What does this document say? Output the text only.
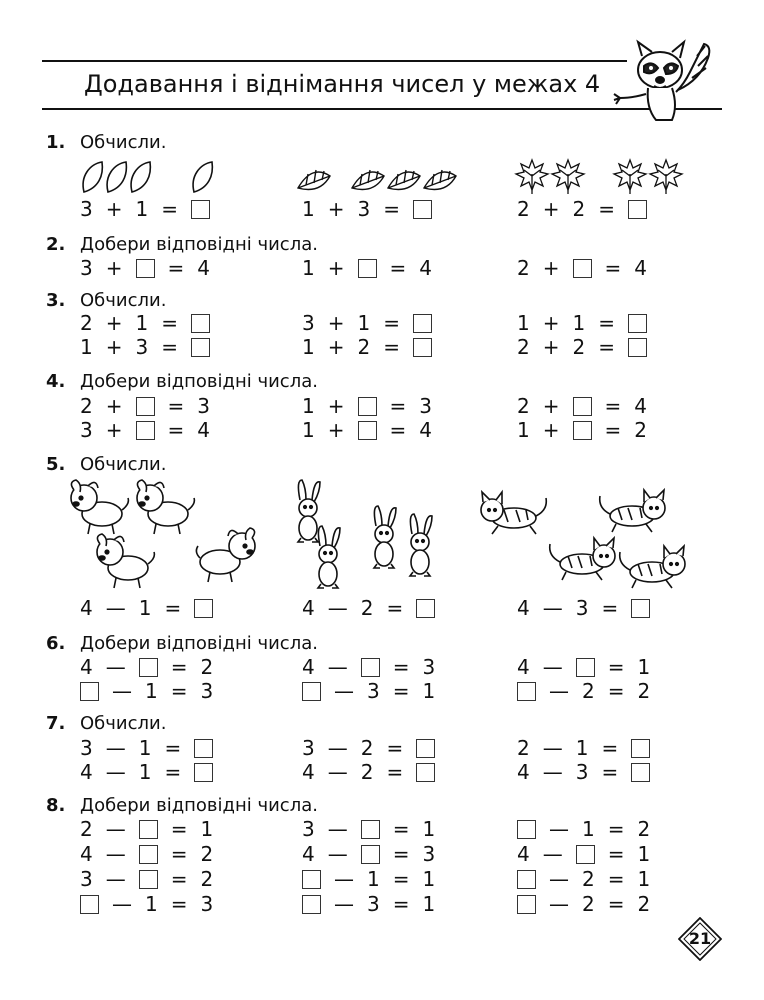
Додавання і віднімання чисел у межах 4
1. Обчисли.
2. Добери відповідні числа.
3. Обчисли.
4. Добери відповідні числа.
5. Обчисли.
6. Добери відповідні числа.
7. Обчисли.
8. Добери відповідні числа.
3 + 1 =	1 + 3 =	2 + 2 =
3 + = 4	1 + = 4	2 + = 4
2 + 1 =	3 + 1 =	1 + 1 =
1 + 3 =	1 + 2 =	2 + 2 =
2 + = 3	1 + = 3	2 + = 4
3 + = 4	1 + = 4	1 + = 2
4 — 1 =	4 — 2 =	4 — 3 =
4 — = 2	4 — = 3	4 — = 1
— 1 = 3	— 3 = 1	— 2 = 2
3 — 1 =	3 — 2 =	2 — 1 =
4 — 1 =	4 — 2 =	4 — 3 =
2 — = 1	3 — = 1	— 1 = 2
4 — = 2	4 — = 3	4 — = 1
3 — = 2	— 1 = 1	— 2 = 1
— 1 = 3	— 3 = 1	— 2 = 2
21
